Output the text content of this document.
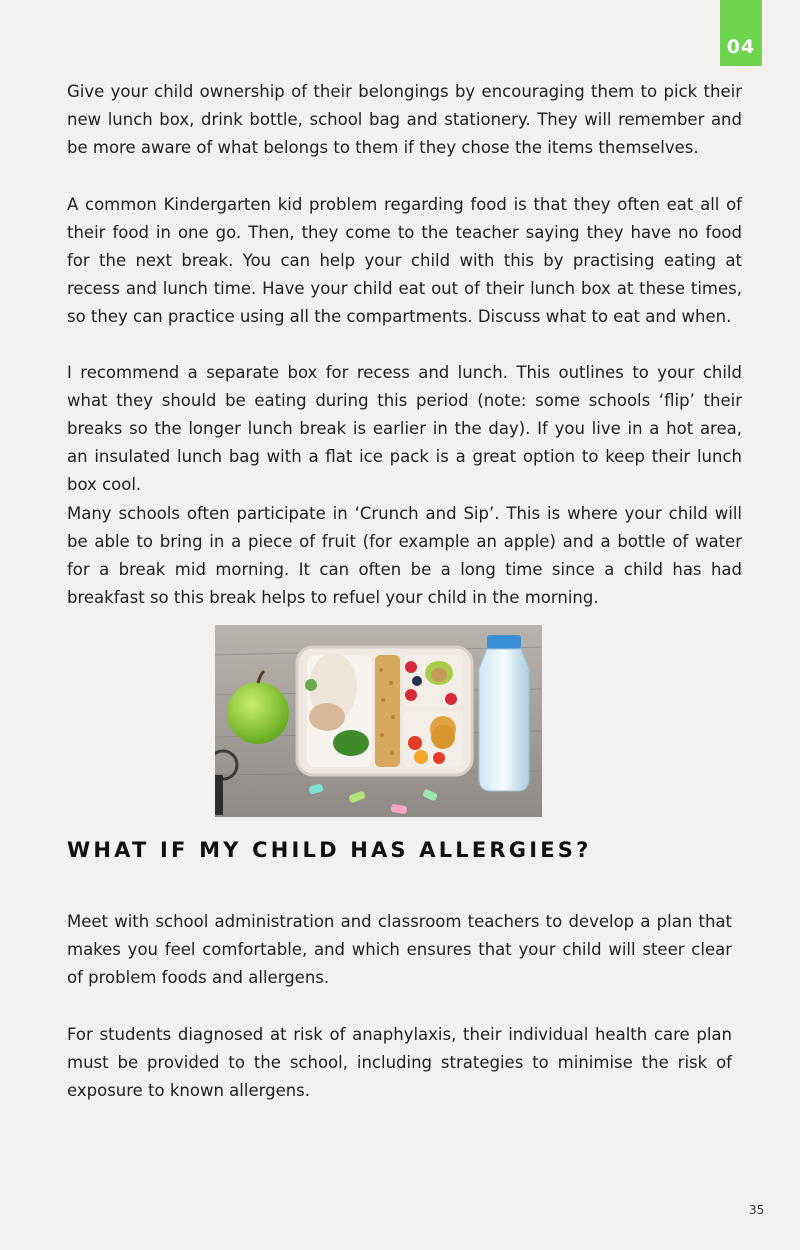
04

Give your child ownership of their belongings by encouraging them to pick their new lunch box, drink bottle, school bag and stationery. They will remember and be more aware of what belongs to them if they chose the items themselves.

A common Kindergarten kid problem regarding food is that they often eat all of their food in one go. Then, they come to the teacher saying they have no food for the next break. You can help your child with this by practising eating at recess and lunch time. Have your child eat out of their lunch box at these times, so they can practice using all the compartments. Discuss what to eat and when.

I recommend a separate box for recess and lunch. This outlines to your child what they should be eating during this period (note: some schools ‘flip’ their breaks so the longer lunch break is earlier in the day). If you live in a hot area, an insulated lunch bag with a flat ice pack is a great option to keep their lunch box cool.

Many schools often participate in ‘Crunch and Sip’. This is where your child will be able to bring in a piece of fruit (for example an apple) and a bottle of water for a break mid morning. It can often be a long time since a child has had breakfast so this break helps to refuel your child in the morning.

WHAT IF MY CHILD HAS ALLERGIES?

Meet with school administration and classroom teachers to develop a plan that makes you feel comfortable, and which ensures that your child will steer clear of problem foods and allergens.

For students diagnosed at risk of anaphylaxis, their individual health care plan must be provided to the school, including strategies to minimise the risk of exposure to known allergens.

35
